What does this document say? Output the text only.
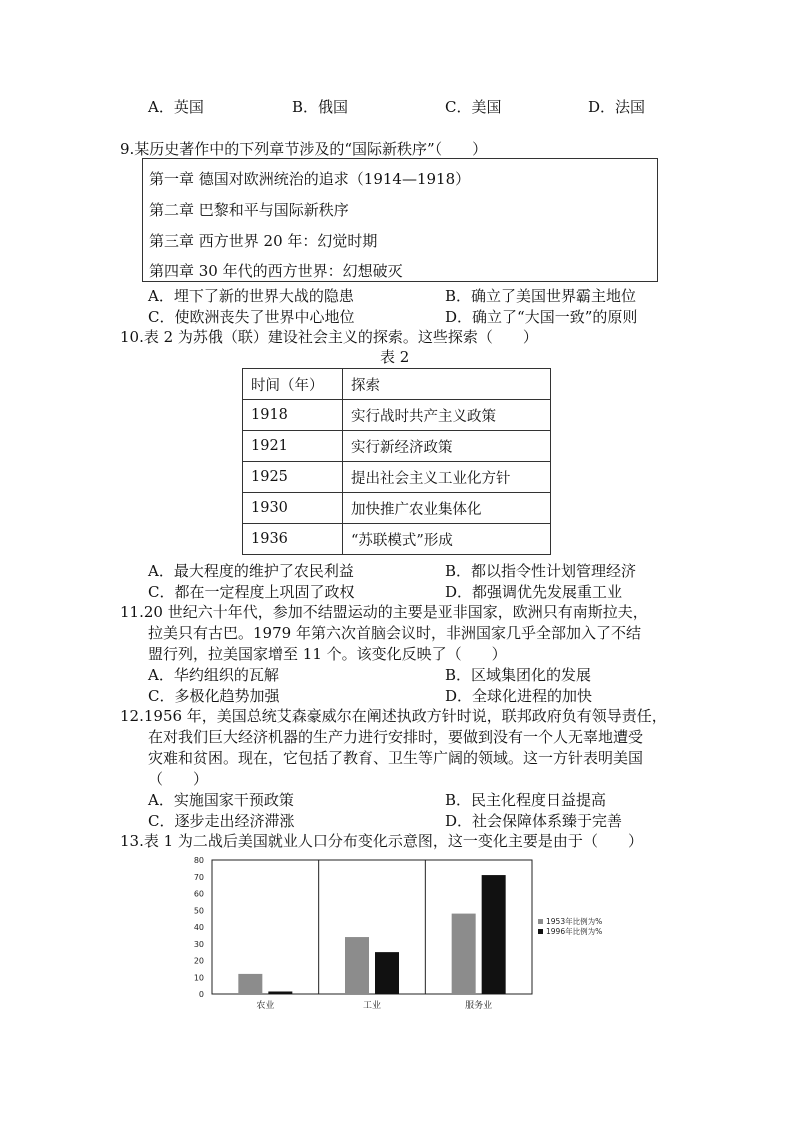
A．英国	B．俄国	C．美国	D．法国
9.某历史著作中的下列章节涉及的“国际新秩序”（　　）
第一章 德国对欧洲统治的追求（1914—1918）
第二章 巴黎和平与国际新秩序
第三章 西方世界 20 年：幻觉时期
第四章 30 年代的西方世界：幻想破灭
A．埋下了新的世界大战的隐患	B．确立了美国世界霸主地位
C．使欧洲丧失了世界中心地位	D．确立了“大国一致”的原则
10.表 2 为苏俄（联）建设社会主义的探索。这些探索（　　）
表 2
时间（年）	探索
1918	实行战时共产主义政策
1921	实行新经济政策
1925	提出社会主义工业化方针
1930	加快推广农业集体化
1936	“苏联模式”形成
A．最大程度的维护了农民利益	B．都以指令性计划管理经济
C．都在一定程度上巩固了政权	D．都强调优先发展重工业
11.20 世纪六十年代，参加不结盟运动的主要是亚非国家，欧洲只有南斯拉夫，
拉美只有古巴。1979 年第六次首脑会议时，非洲国家几乎全部加入了不结
盟行列，拉美国家增至 11 个。该变化反映了（　　）
A．华约组织的瓦解	B．区域集团化的发展
C．多极化趋势加强	D．全球化进程的加快
12.1956 年，美国总统艾森豪威尔在阐述执政方针时说，联邦政府负有领导责任，
在对我们巨大经济机器的生产力进行安排时，要做到没有一个人无辜地遭受
灾难和贫困。现在，它包括了教育、卫生等广阔的领域。这一方针表明美国
（　　）
A．实施国家干预政策	B．民主化程度日益提高
C．逐步走出经济滞涨	D．社会保障体系臻于完善
13.表 1 为二战后美国就业人口分布变化示意图，这一变化主要是由于（　　）
0
10
20
30
40
50
60
70
80
农业	工业	服务业
1953年比例为%
1996年比例为%
